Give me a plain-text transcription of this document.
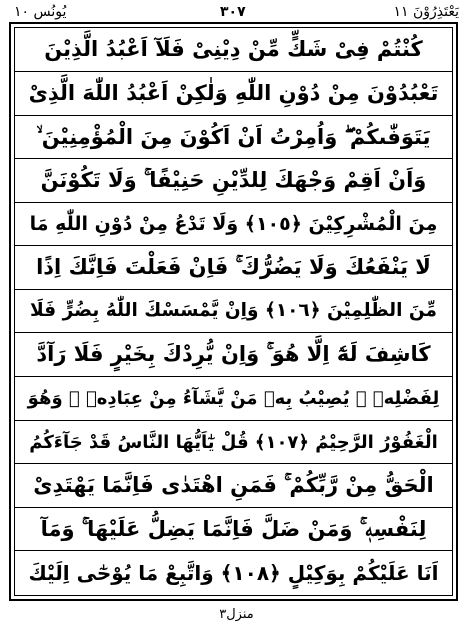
يُونُس ١٠	٣٠٧	يَعْتَذِرُوْنَ ١١
كُنْتُمْ فِىْ شَكٍّ مِّنْ دِيْنِىْ فَلَآ اَعْبُدُ الَّذِيْنَ
تَعْبُدُوْنَ مِنْ دُوْنِ اللّٰهِ وَلٰكِنْ اَعْبُدُ اللّٰهَ الَّذِىْ
يَتَوَفّٰىكُمْ ۖ وَاُمِرْتُ اَنْ اَكُوْنَ مِنَ الْمُؤْمِنِيْنَ ۙ
وَاَنْ اَقِمْ وَجْهَكَ لِلدِّيْنِ حَنِيْفًا ۚ وَلَا تَكُوْنَنَّ
مِنَ الْمُشْرِكِيْنَ ﴿١٠٥﴾ وَلَا تَدْعُ مِنْ دُوْنِ اللّٰهِ مَا
لَا يَنْفَعُكَ وَلَا يَضُرُّكَ ۚ فَاِنْ فَعَلْتَ فَاِنَّكَ اِذًا
مِّنَ الظّٰلِمِيْنَ ﴿١٠٦﴾ وَاِنْ يَّمْسَسْكَ اللّٰهُ بِضُرٍّ فَلَا
كَاشِفَ لَهٗٓ اِلَّا هُوَ ۚ وَاِنْ يُّرِدْكَ بِخَيْرٍ فَلَا رَآدَّ
لِفَضْلِهٖ ۭ يُصِيْبُ بِهٖ مَنْ يَّشَآءُ مِنْ عِبَادِهٖ ۭ وَهُوَ
الْغَفُوْرُ الرَّحِيْمُ ﴿١٠٧﴾ قُلْ يٰٓاَيُّهَا النَّاسُ قَدْ جَآءَكُمُ
الْحَقُّ مِنْ رَّبِّكُمْ ۚ فَمَنِ اهْتَدٰى فَاِنَّمَا يَهْتَدِىْ
لِنَفْسِهٖ ۚ وَمَنْ ضَلَّ فَاِنَّمَا يَضِلُّ عَلَيْهَا ۚ وَمَآ
اَنَا عَلَيْكُمْ بِوَكِيْلٍ ﴿١٠٨﴾ وَاتَّبِعْ مَا يُوْحٰٓى اِلَيْكَ
منزل٣
